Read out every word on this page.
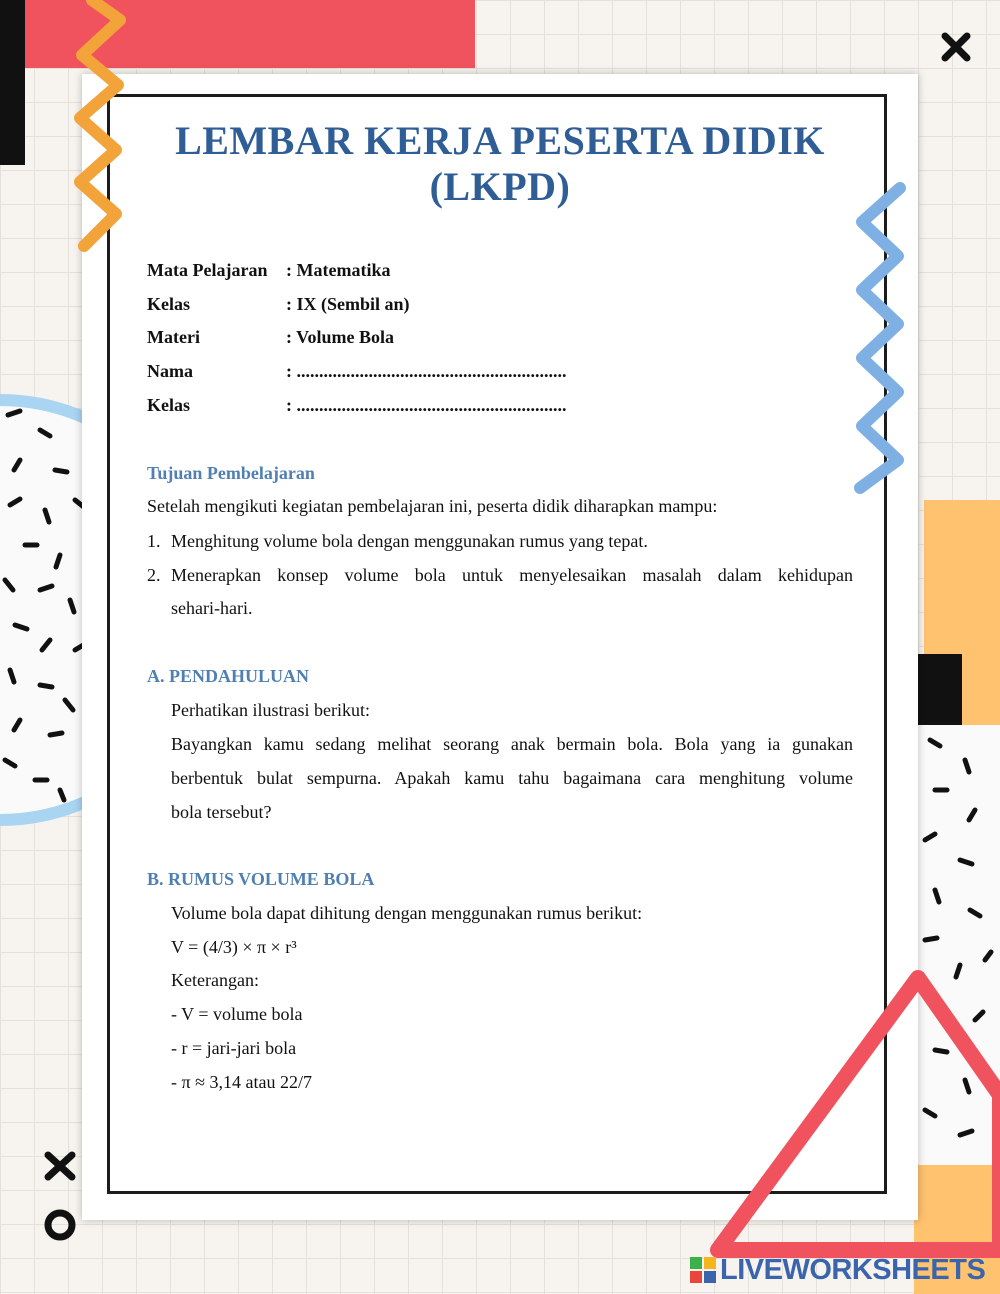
LEMBAR KERJA PESERTA DIDIK
(LKPD)
Mata Pelajaran : Matematika
Kelas	: IX (Sembil an)
Materi	: Volume Bola
Nama	: ............................................................
Kelas	: ............................................................
Tujuan Pembelajaran
Setelah mengikuti kegiatan pembelajaran ini, peserta didik diharapkan mampu:
1. Menghitung volume bola dengan menggunakan rumus yang tepat.
2. Menerapkan konsep volume bola untuk menyelesaikan masalah dalam kehidupan
sehari-hari.
A. PENDAHULUAN
Perhatikan ilustrasi berikut:
Bayangkan kamu sedang melihat seorang anak bermain bola. Bola yang ia gunakan
berbentuk bulat sempurna. Apakah kamu tahu bagaimana cara menghitung volume
bola tersebut?
B. RUMUS VOLUME BOLA
Volume bola dapat dihitung dengan menggunakan rumus berikut:
V = (4/3) × π × r³
Keterangan:
- V = volume bola
- r = jari-jari bola
- π ≈ 3,14 atau 22/7
LIVEWORKSHEETS
